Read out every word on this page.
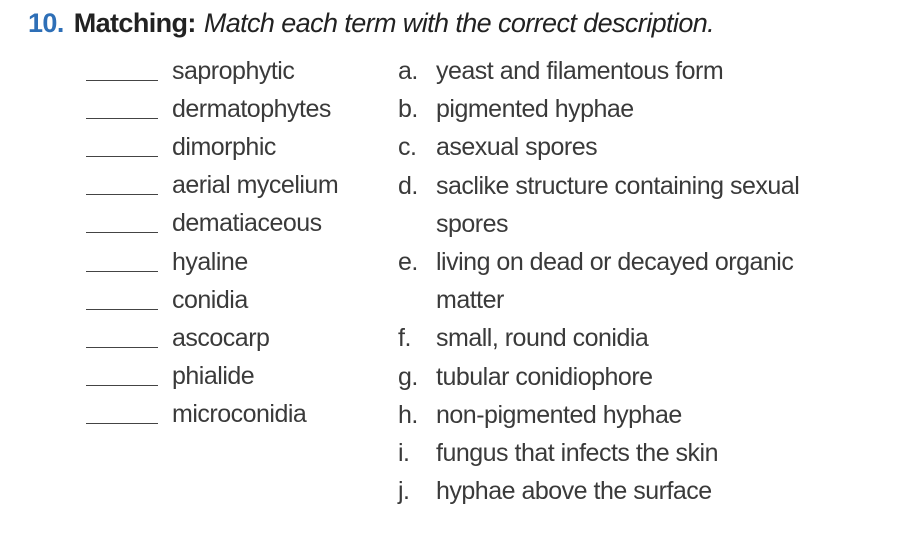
10. Matching: Match each term with the correct description.
saprophytic
dermatophytes
dimorphic
aerial mycelium
dematiaceous
hyaline
conidia
ascocarp
phialide
microconidia
a. yeast and filamentous form
b. pigmented hyphae
c. asexual spores
d. saclike structure containing sexual spores
e. living on dead or decayed organic matter
f.	small, round conidia
g. tubular conidiophore
h. non-pigmented hyphae
i.	fungus that infects the skin
j.	hyphae above the surface
